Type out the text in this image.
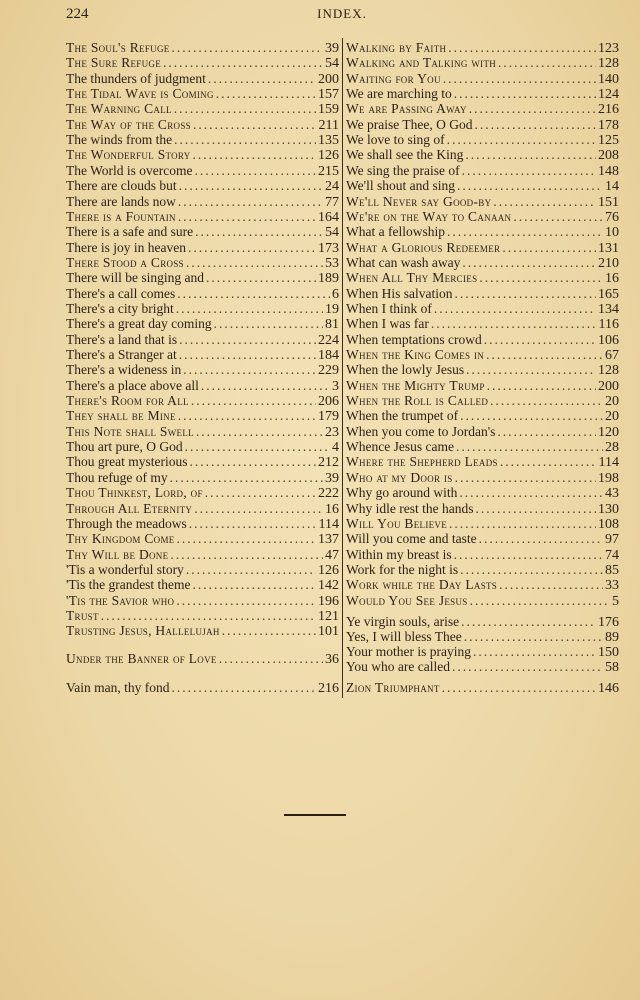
224	INDEX.
The Soul's Refuge .....	39
The Sure Refuge .....	54
The thunders of judgment .....	200
The Tidal Wave is Coming .....	157
The Warning Call .....	159
The Way of the Cross .....	211
The winds from the .....	135
The Wonderful Story .....	126
The World is overcome .....	215
There are clouds but .....	24
There are lands now .....	77
There is a Fountain .....	164
There is a safe and sure .....	54
There is joy in heaven .....	173
There Stood a Cross .....	53
There will be singing and .....	189
There's a call comes .....	6
There's a city bright .....	19
There's a great day coming .....	81
There's a land that is .....	224
There's a Stranger at .....	184
There's a wideness in .....	229
There's a place above all .....	3
There's Room for All .....	206
They shall be Mine .....	179
This Note shall Swell .....	23
Thou art pure, O God .....	4
Thou great mysterious .....	212
Thou refuge of my .....	39
Thou Thinkest, Lord, of .....	222
Through All Eternity .....	16
Through the meadows .....	114
Thy Kingdom Come .....	137
Thy Will be Done .....	47
'Tis a wonderful story .....	126
'Tis the grandest theme .....	142
'Tis the Savior who .....	196
Trust .....	121
Trusting Jesus, Hallelujah .....	101
Under the Banner of Love .....	36
Vain man, thy fond .....	216
Walking by Faith .....	123
Walking and Talking with .....	128
Waiting for You .....	140
We are marching to .....	124
We are Passing Away .....	216
We praise Thee, O God .....	178
We love to sing of .....	125
We shall see the King .....	208
We sing the praise of .....	148
We'll shout and sing .....	14
We'll Never say Good-by .....	151
We're on the Way to Canaan .....	76
What a fellowship .....	10
What a Glorious Redeemer .....	131
What can wash away .....	210
When All Thy Mercies .....	16
When His salvation .....	165
When I think of .....	134
When I was far .....	116
When temptations crowd .....	106
When the King Comes in .....	67
When the lowly Jesus .....	128
When the Mighty Trump .....	200
When the Roll is Called .....	20
When the trumpet of .....	20
When you come to Jordan's .....	120
Whence Jesus came .....	28
Where the Shepherd Leads .....	114
Who at my Door is .....	198
Why go around with .....	43
Why idle rest the hands .....	130
Will You Believe .....	108
Will you come and taste .....	97
Within my breast is .....	74
Work for the night is .....	85
Work while the Day Lasts .....	33
Would You See Jesus .....	5
Ye virgin souls, arise .....	176
Yes, I will bless Thee .....	89
Your mother is praying .....	150
You who are called .....	58
Zion Triumphant .....	146
